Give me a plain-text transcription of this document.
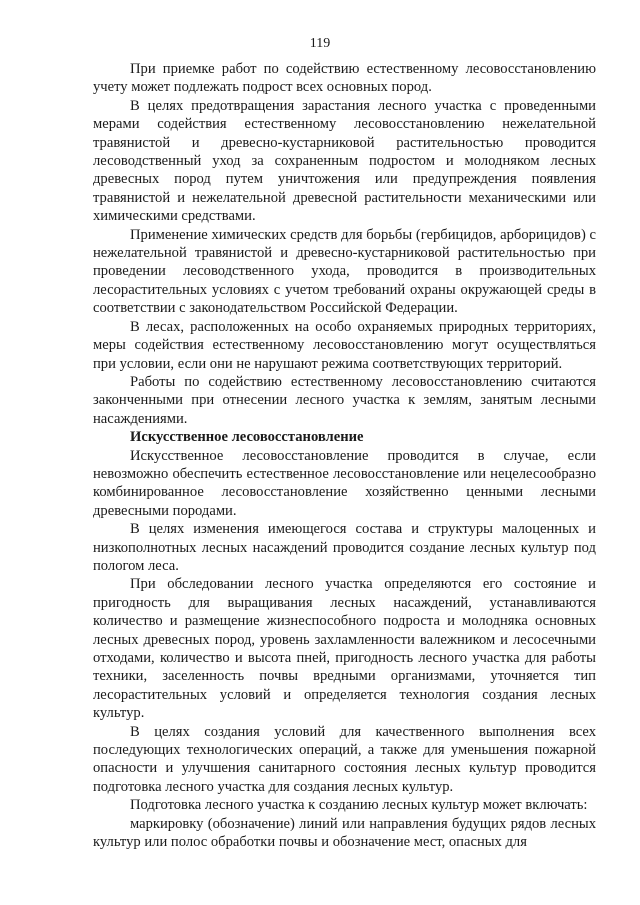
119

При приемке работ по содействию естественному лесовосстановлению учету может подлежать подрост всех основных пород.

В целях предотвращения зарастания лесного участка с проведенными мерами содействия естественному лесовосстановлению нежелательной травянистой и древесно-кустарниковой растительностью проводится лесоводственный уход за сохраненным подростом и молодняком лесных древесных пород путем уничтожения или предупреждения появления травянистой и нежелательной древесной растительности механическими или химическими средствами.

Применение химических средств для борьбы (гербицидов, арборицидов) с нежелательной травянистой и древесно-кустарниковой растительностью при проведении лесоводственного ухода, проводится в производительных лесорастительных условиях с учетом требований охраны окружающей среды в соответствии с законодательством Российской Федерации.

В лесах, расположенных на особо охраняемых природных территориях, меры содействия естественному лесовосстановлению могут осуществляться при условии, если они не нарушают режима соответствующих территорий.

Работы по содействию естественному лесовосстановлению считаются законченными при отнесении лесного участка к землям, занятым лесными насаждениями.

Искусственное лесовосстановление

Искусственное лесовосстановление проводится в случае, если невозможно обеспечить естественное лесовосстановление или нецелесообразно комбинированное лесовосстановление хозяйственно ценными лесными древесными породами.

В целях изменения имеющегося состава и структуры малоценных и низкополнотных лесных насаждений проводится создание лесных культур под пологом леса.

При обследовании лесного участка определяются его состояние и пригодность для выращивания лесных насаждений, устанавливаются количество и размещение жизнеспособного подроста и молодняка основных лесных древесных пород, уровень захламленности валежником и лесосечными отходами, количество и высота пней, пригодность лесного участка для работы техники, заселенность почвы вредными организмами, уточняется тип лесорастительных условий и определяется технология создания лесных культур.

В целях создания условий для качественного выполнения всех последующих технологических операций, а также для уменьшения пожарной опасности и улучшения санитарного состояния лесных культур проводится подготовка лесного участка для создания лесных культур.

Подготовка лесного участка к созданию лесных культур может включать:

маркировку (обозначение) линий или направления будущих рядов лесных культур или полос обработки почвы и обозначение мест, опасных для
